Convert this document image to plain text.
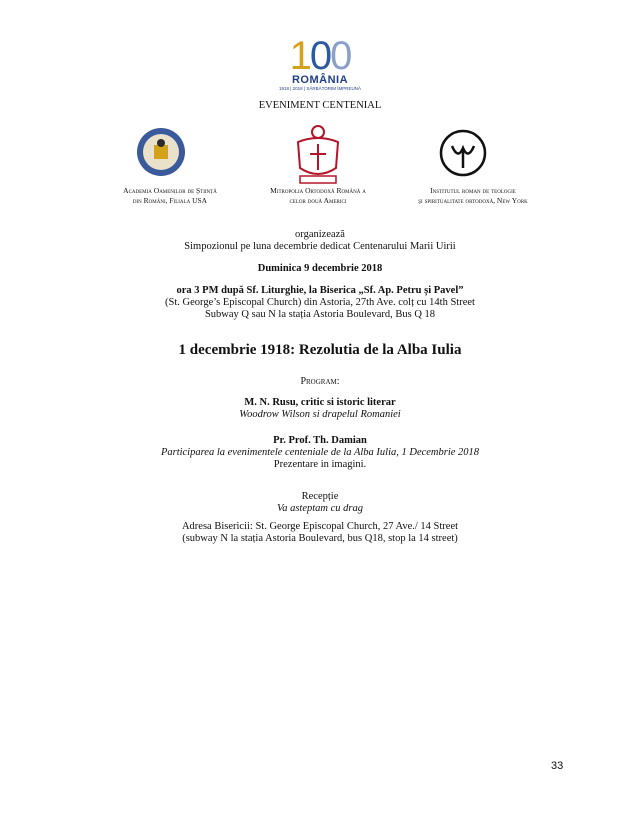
100
ROMÂNIA
1918 | 2018 | SĂRBĂTORIM ÎMPREUNĂ
EVENIMENT CENTENIAL
Academia Oamenilor de Știință
din Români, Filiala USA
Mitropolia Ortodoxă Română a
celor două Americi
Institutul roman de teologie
și spiritualitate ortodoxă, New York
organizează
Simpozionul pe luna decembrie dedicat Centenarului Marii Uirii
Duminica 9 decembrie 2018
ora 3 PM după Sf. Liturghie, la Biserica „Sf. Ap. Petru și Pavel”
(St. George’s Episcopal Church) din Astoria, 27th Ave. colț cu 14th Street
Subway Q sau N la stația Astoria Boulevard, Bus Q 18
1 decembrie 1918: Rezolutia de la Alba Iulia
Program:
M. N. Rusu, critic si istoric literar
Woodrow Wilson si drapelul Romaniei
Pr. Prof. Th. Damian
Participarea la evenimentele centeniale de la Alba Iulia, 1 Decembrie 2018
Prezentare in imagini.
Recepție
Va asteptam cu drag
Adresa Bisericii: St. George Episcopal Church, 27 Ave./ 14 Street
(subway N la stația Astoria Boulevard, bus Q18, stop la 14 street)
33
